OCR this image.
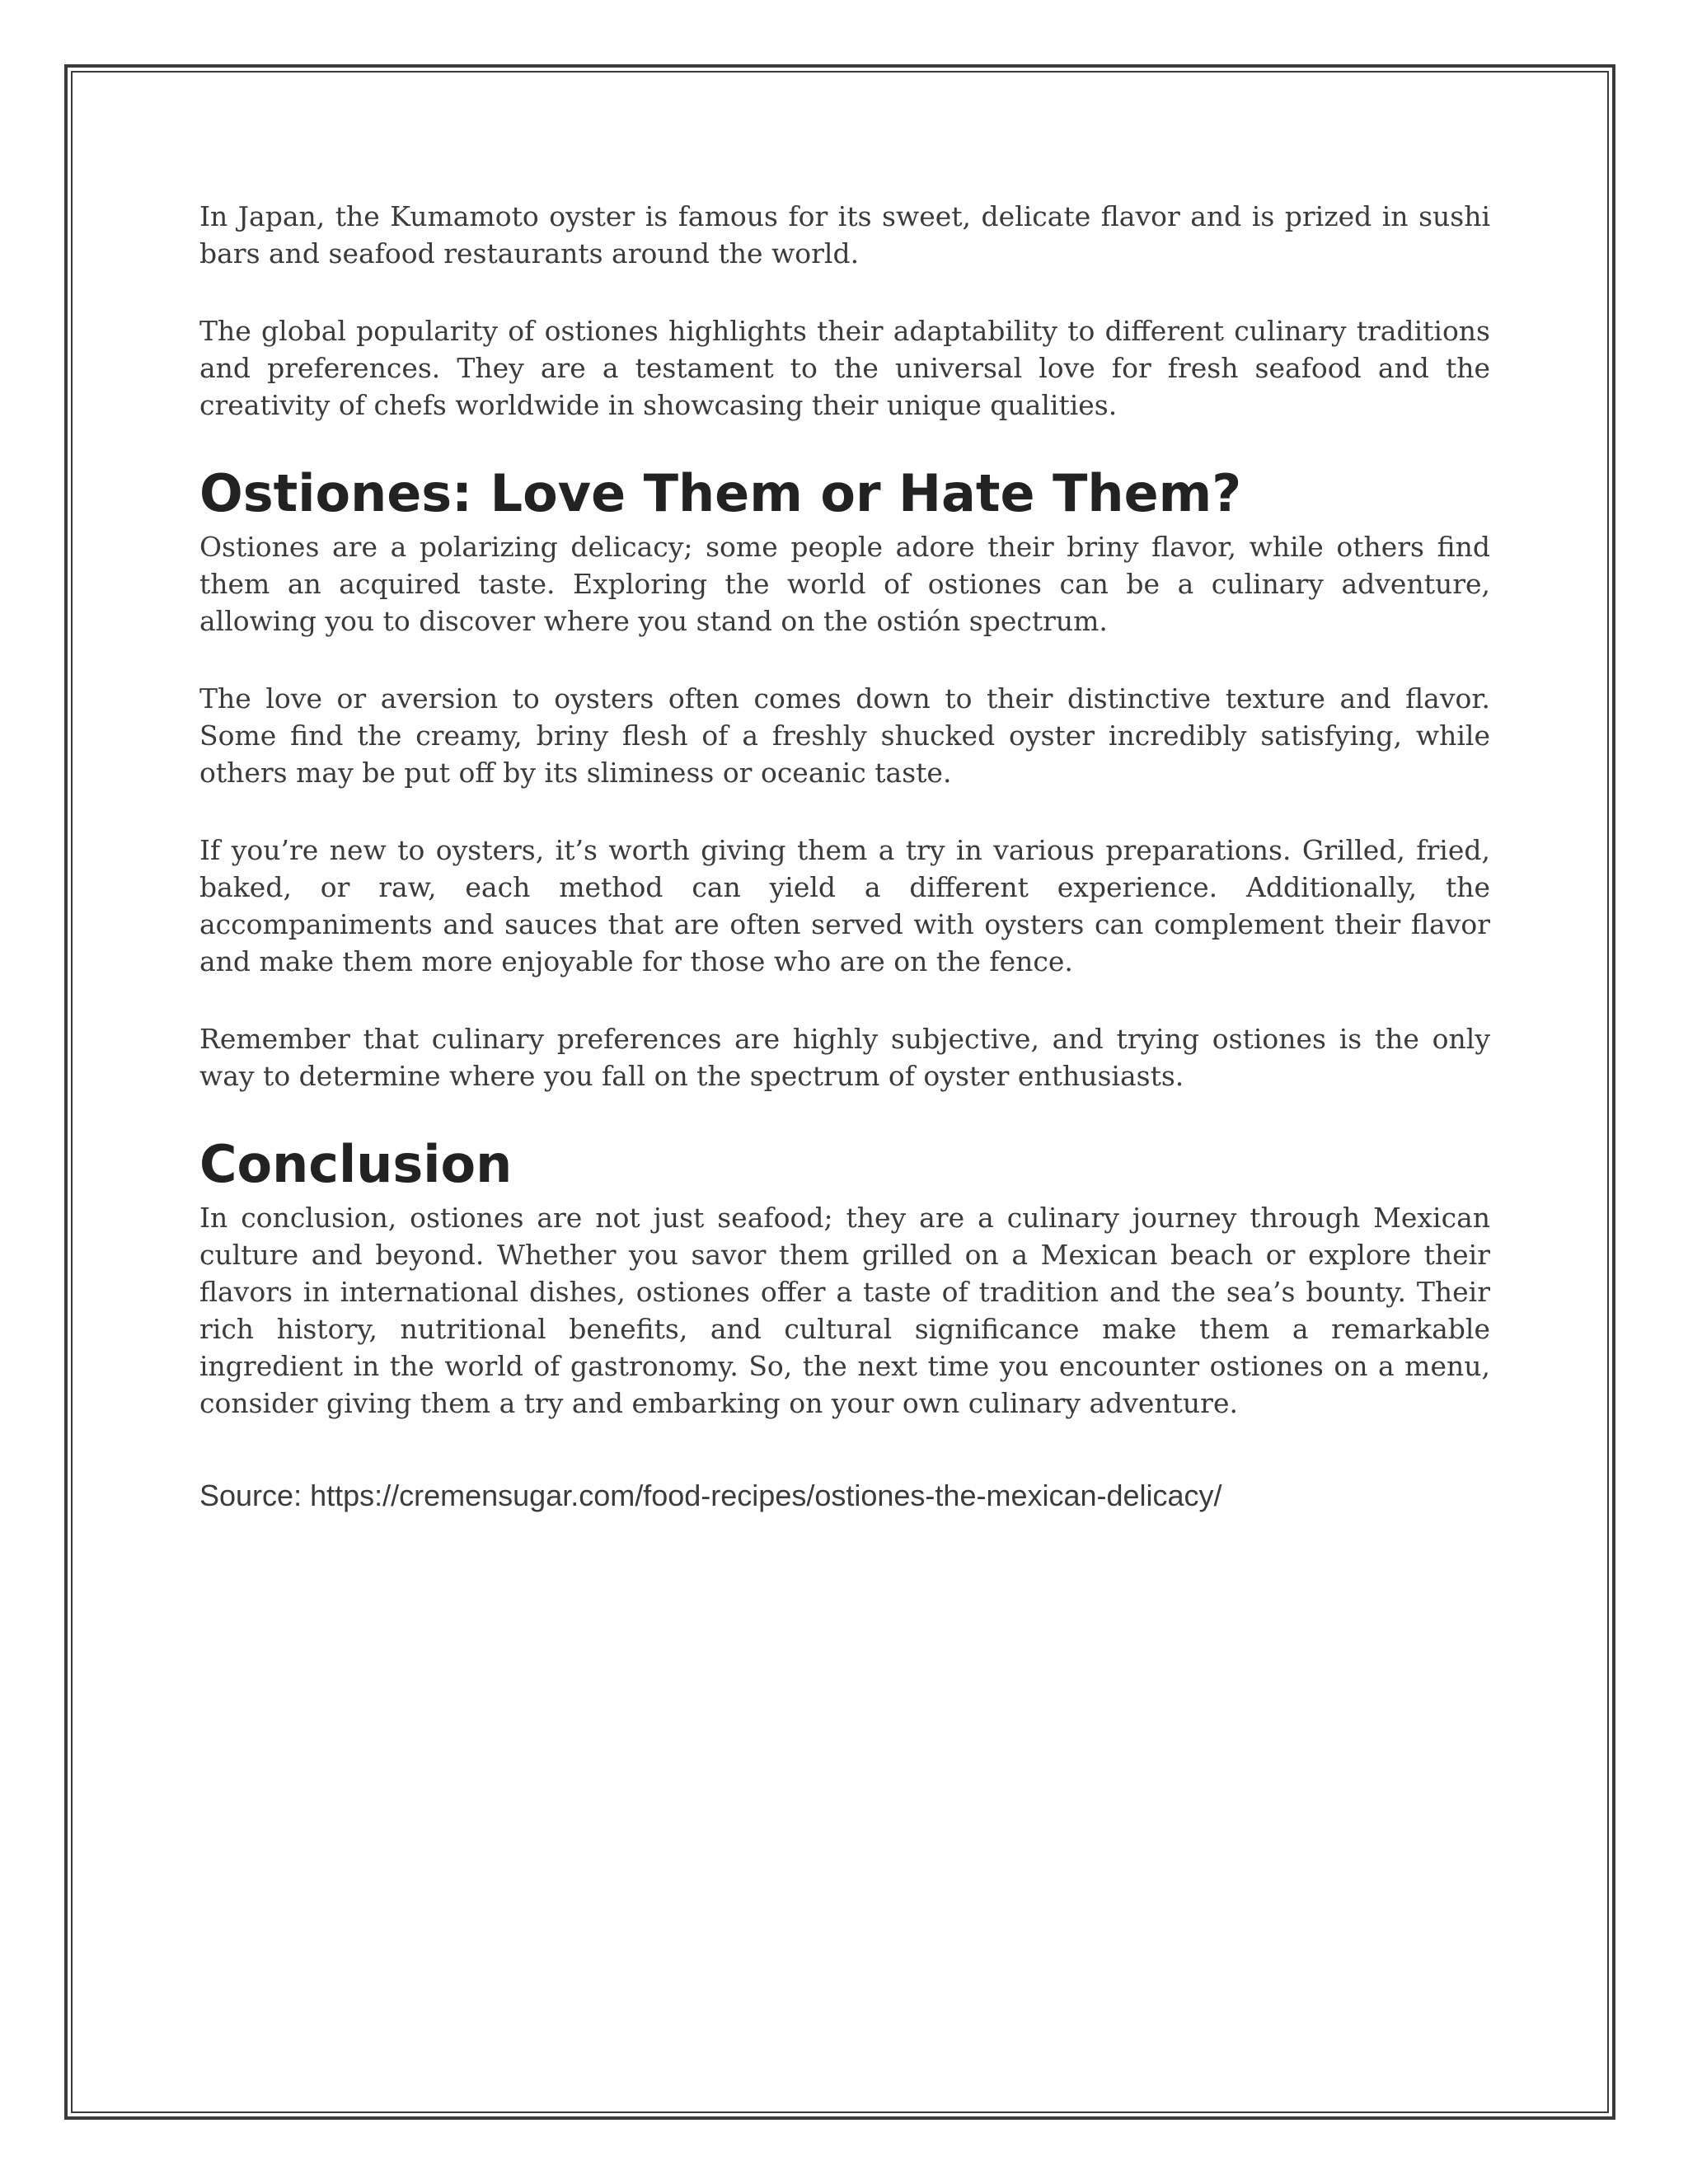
In Japan, the Kumamoto oyster is famous for its sweet, delicate flavor and is prized in sushi bars and seafood restaurants around the world.

The global popularity of ostiones highlights their adaptability to different culinary traditions and preferences. They are a testament to the universal love for fresh seafood and the creativity of chefs worldwide in showcasing their unique qualities.

Ostiones: Love Them or Hate Them?

Ostiones are a polarizing delicacy; some people adore their briny flavor, while others find them an acquired taste. Exploring the world of ostiones can be a culinary adventure, allowing you to discover where you stand on the ostión spectrum.

The love or aversion to oysters often comes down to their distinctive texture and flavor. Some find the creamy, briny flesh of a freshly shucked oyster incredibly satisfying, while others may be put off by its sliminess or oceanic taste.

If you’re new to oysters, it’s worth giving them a try in various preparations. Grilled, fried, baked, or raw, each method can yield a different experience. Additionally, the accompaniments and sauces that are often served with oysters can complement their flavor and make them more enjoyable for those who are on the fence.

Remember that culinary preferences are highly subjective, and trying ostiones is the only way to determine where you fall on the spectrum of oyster enthusiasts.

Conclusion

In conclusion, ostiones are not just seafood; they are a culinary journey through Mexican culture and beyond. Whether you savor them grilled on a Mexican beach or explore their flavors in international dishes, ostiones offer a taste of tradition and the sea’s bounty. Their rich history, nutritional benefits, and cultural significance make them a remarkable ingredient in the world of gastronomy. So, the next time you encounter ostiones on a menu, consider giving them a try and embarking on your own culinary adventure.

Source: https://cremensugar.com/food-recipes/ostiones-the-mexican-delicacy/
